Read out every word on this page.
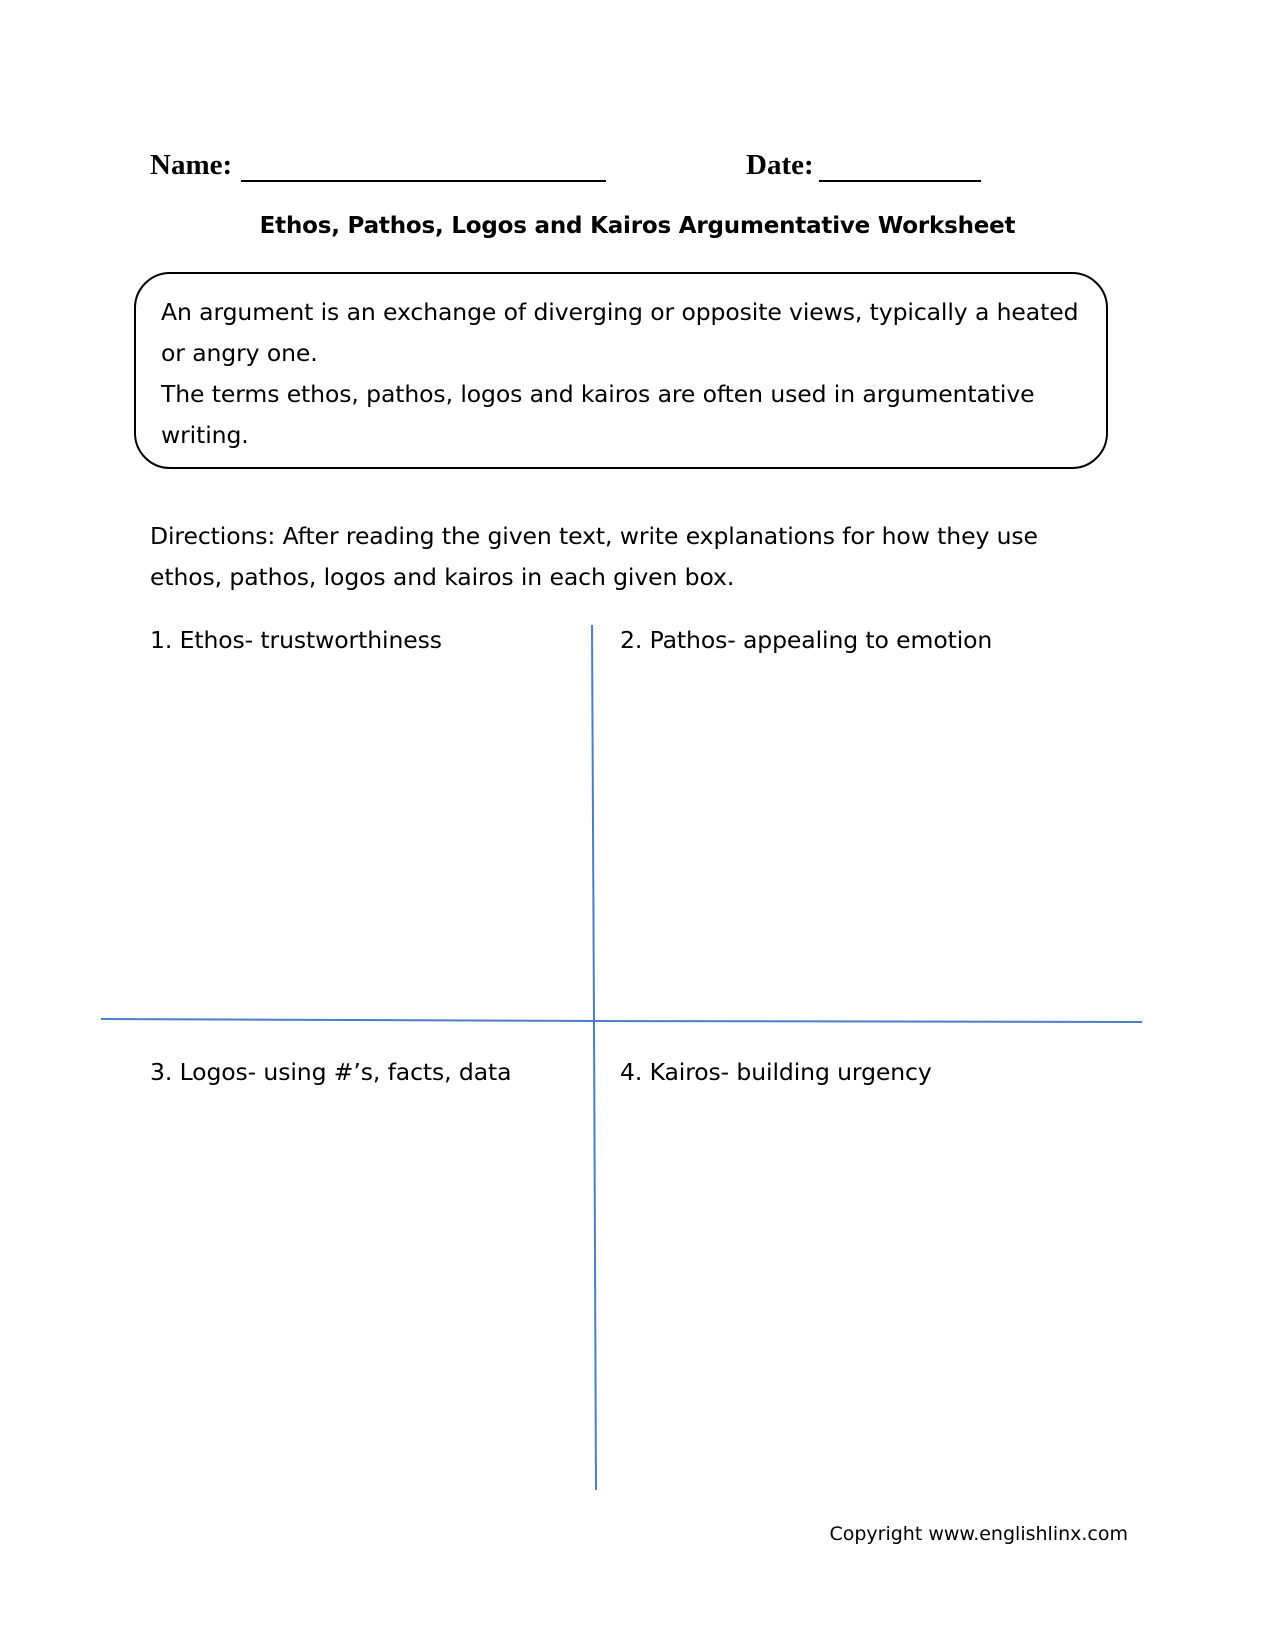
Name:	Date:
Ethos, Pathos, Logos and Kairos Argumentative Worksheet

An argument is an exchange of diverging or opposite views, typically a heated or angry one.

The terms ethos, pathos, logos and kairos are often used in argumentative writing.

Directions: After reading the given text, write explanations for how they use ethos, pathos, logos and kairos in each given box.

1. Ethos- trustworthiness	2. Pathos- appealing to emotion
3. Logos- using #’s, facts, data	4. Kairos- building urgency
Copyright www.englishlinx.com
